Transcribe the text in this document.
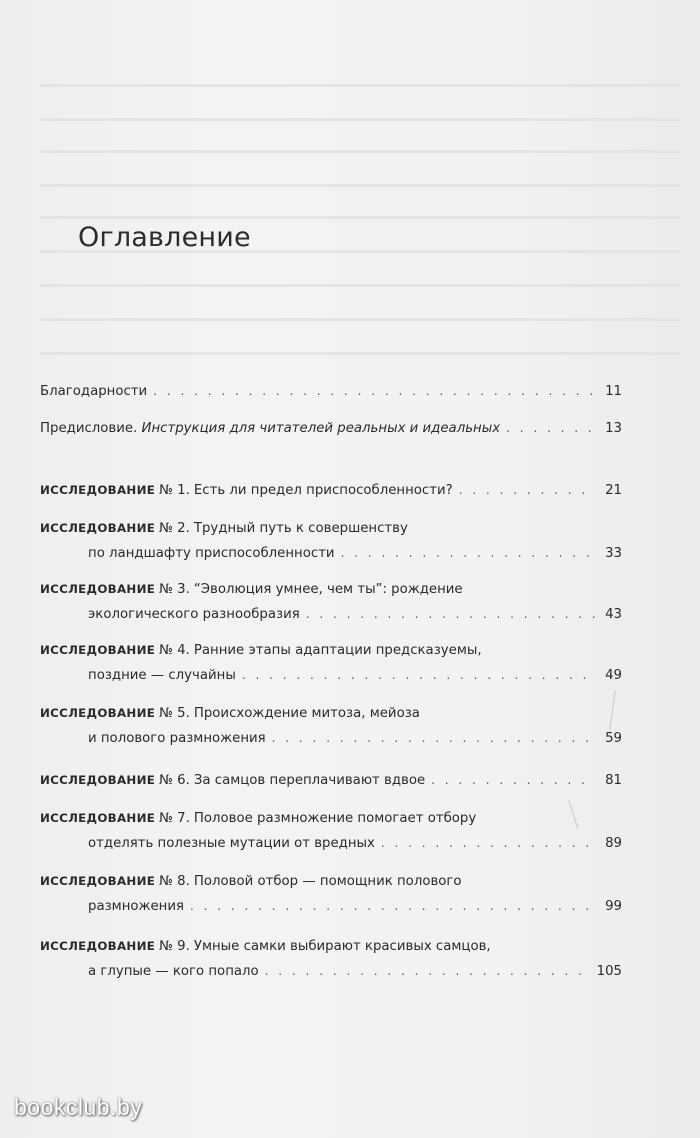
Оглавление
Благодарности . . .	11
Предисловие.
Инструкция для читателей реальных и идеальных . . .	13
ИССЛЕДОВАНИЕ № 1. Есть ли предел приспособленности? . . .	21
ИССЛЕДОВАНИЕ № 2. Трудный путь к совершенству
по ландшафту приспособленности . . .	33
ИССЛЕДОВАНИЕ № 3. “Эволюция умнее, чем ты”: рождение
экологического разнообразия . . .	43
ИССЛЕДОВАНИЕ № 4. Ранние этапы адаптации предсказуемы,
поздние — случайны . . .	49
ИССЛЕДОВАНИЕ № 5. Происхождение митоза, мейоза
и полового размножения . . .	59
ИССЛЕДОВАНИЕ № 6. За самцов переплачивают вдвое . . .	81
ИССЛЕДОВАНИЕ № 7. Половое размножение помогает отбору
отделять полезные мутации от вредных . . .	89
ИССЛЕДОВАНИЕ № 8. Половой отбор — помощник полового
размножения . . .	99
ИССЛЕДОВАНИЕ № 9. Умные самки выбирают красивых самцов,
а глупые — кого попало . . .	105
bookclub.by
